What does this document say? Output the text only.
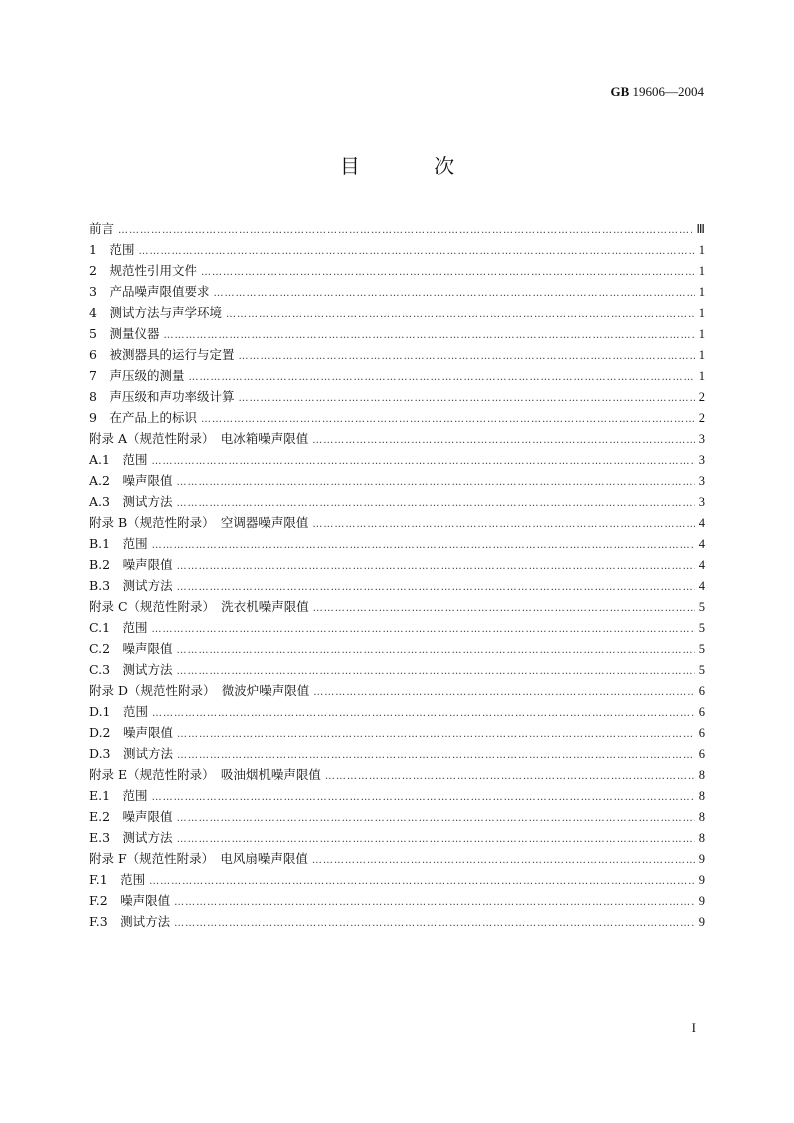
GB 19606—2004
目 次
前言 ……………………………………………………………………………………………………………………………………………………………………………………………………………………	Ⅲ
1　范围 ……………………………………………………………………………………………………………………………………………………………………………………………………………………	1
2　规范性引用文件 ……………………………………………………………………………………………………………………………………………………………………………………………………………………	1
3　产品噪声限值要求 ……………………………………………………………………………………………………………………………………………………………………………………………………………………	1
4　测试方法与声学环境 ……………………………………………………………………………………………………………………………………………………………………………………………………………………	1
5　测量仪器 ……………………………………………………………………………………………………………………………………………………………………………………………………………………	1
6　被测器具的运行与定置 ……………………………………………………………………………………………………………………………………………………………………………………………………………………	1
7　声压级的测量 ……………………………………………………………………………………………………………………………………………………………………………………………………………………	1
8　声压级和声功率级计算 ……………………………………………………………………………………………………………………………………………………………………………………………………………………	2
9　在产品上的标识 ……………………………………………………………………………………………………………………………………………………………………………………………………………………	2
附录 A（规范性附录）　电冰箱噪声限值 ……………………………………………………………………………………………………………………………………………………………………………………………………………………	3
A.1　范围 ……………………………………………………………………………………………………………………………………………………………………………………………………………………	3
A.2　噪声限值 ……………………………………………………………………………………………………………………………………………………………………………………………………………………	3
A.3　测试方法 ……………………………………………………………………………………………………………………………………………………………………………………………………………………	3
附录 B（规范性附录）　空调器噪声限值 ……………………………………………………………………………………………………………………………………………………………………………………………………………………	4
B.1　范围 ……………………………………………………………………………………………………………………………………………………………………………………………………………………	4
B.2　噪声限值 ……………………………………………………………………………………………………………………………………………………………………………………………………………………	4
B.3　测试方法 ……………………………………………………………………………………………………………………………………………………………………………………………………………………	4
附录 C（规范性附录）　洗衣机噪声限值 ……………………………………………………………………………………………………………………………………………………………………………………………………………………	5
C.1　范围 ……………………………………………………………………………………………………………………………………………………………………………………………………………………	5
C.2　噪声限值 ……………………………………………………………………………………………………………………………………………………………………………………………………………………	5
C.3　测试方法 ……………………………………………………………………………………………………………………………………………………………………………………………………………………	5
附录 D（规范性附录）　微波炉噪声限值 ……………………………………………………………………………………………………………………………………………………………………………………………………………………	6
D.1　范围 ……………………………………………………………………………………………………………………………………………………………………………………………………………………	6
D.2　噪声限值 ……………………………………………………………………………………………………………………………………………………………………………………………………………………	6
D.3　测试方法 ……………………………………………………………………………………………………………………………………………………………………………………………………………………	6
附录 E（规范性附录）　吸油烟机噪声限值 ……………………………………………………………………………………………………………………………………………………………………………………………………………………	8
E.1　范围 ……………………………………………………………………………………………………………………………………………………………………………………………………………………	8
E.2　噪声限值 ……………………………………………………………………………………………………………………………………………………………………………………………………………………	8
E.3　测试方法 ……………………………………………………………………………………………………………………………………………………………………………………………………………………	8
附录 F（规范性附录）　电风扇噪声限值 ……………………………………………………………………………………………………………………………………………………………………………………………………………………	9
F.1　范围 ……………………………………………………………………………………………………………………………………………………………………………………………………………………	9
F.2　噪声限值 ……………………………………………………………………………………………………………………………………………………………………………………………………………………	9
F.3　测试方法 ……………………………………………………………………………………………………………………………………………………………………………………………………………………	9
I
